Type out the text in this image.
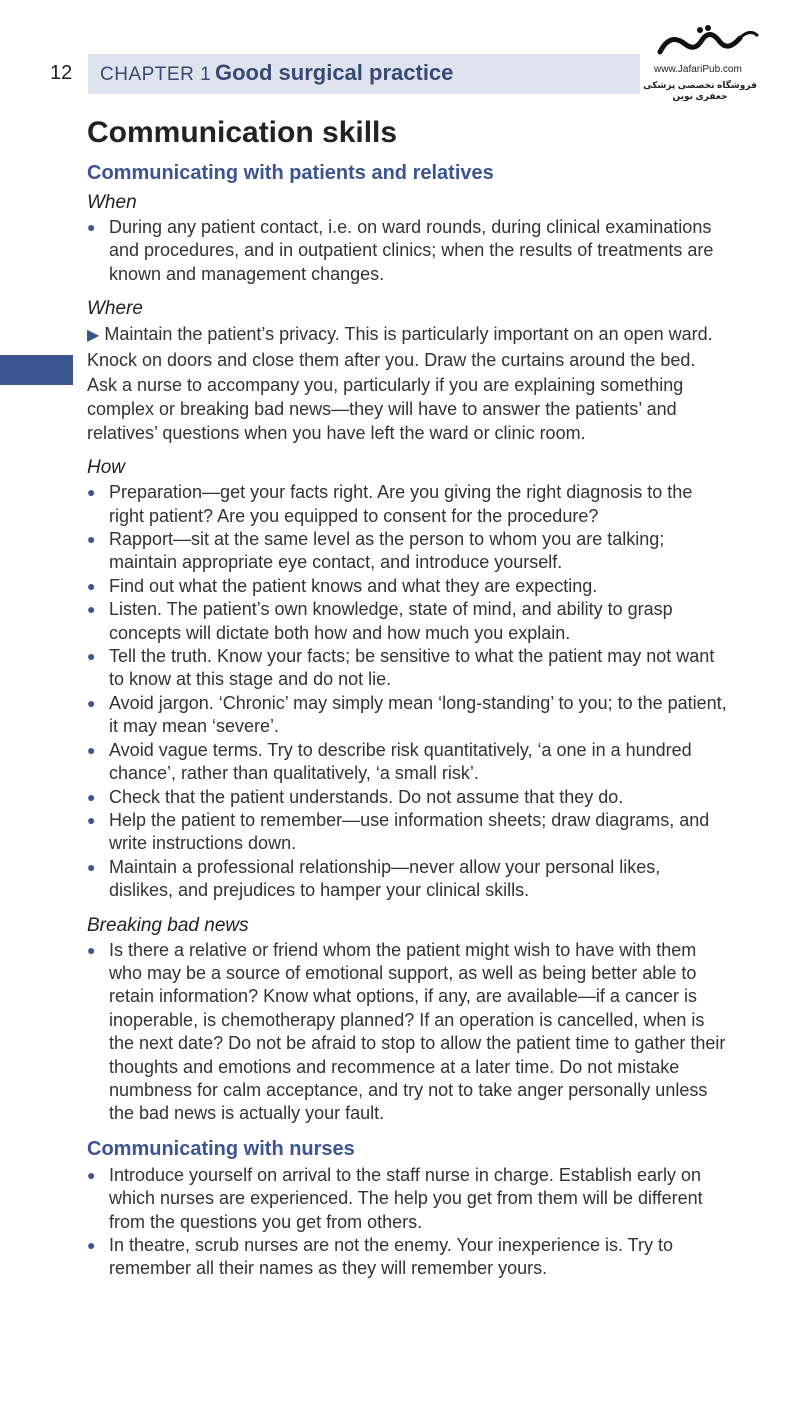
12 CHAPTER 1 Good surgical practice	www.JafariPub.com
فروشگاه تخصصی پزشکی جعفری نوین
Communication skills
Communicating with patients and relatives
When
● During any patient contact, i.e. on ward rounds, during clinical examinations and procedures, and in outpatient clinics; when the results of treatments are known and management changes.
Where

▶ Maintain the patient’s privacy. This is particularly important on an open ward. Knock on doors and close them after you. Draw the curtains around the bed. Ask a nurse to accompany you, particularly if you are explaining something complex or breaking bad news—they will have to answer the patients’ and relatives’ questions when you have left the ward or clinic room.

How
● Preparation—get your facts right. Are you giving the right diagnosis to the right patient? Are you equipped to consent for the procedure?
● Rapport—sit at the same level as the person to whom you are talking; maintain appropriate eye contact, and introduce yourself.
● Find out what the patient knows and what they are expecting.
● Listen. The patient’s own knowledge, state of mind, and ability to grasp concepts will dictate both how and how much you explain.
● Tell the truth. Know your facts; be sensitive to what the patient may not want to know at this stage and do not lie.
● Avoid jargon. ‘Chronic’ may simply mean ‘long-standing’ to you; to the patient, it may mean ‘severe’.
● Avoid vague terms. Try to describe risk quantitatively, ‘a one in a hundred chance’, rather than qualitatively, ‘a small risk’.
● Check that the patient understands. Do not assume that they do.
● Help the patient to remember—use information sheets; draw diagrams, and write instructions down.
● Maintain a professional relationship—never allow your personal likes, dislikes, and prejudices to hamper your clinical skills.
Breaking bad news
● Is there a relative or friend whom the patient might wish to have with them who may be a source of emotional support, as well as being better able to retain information? Know what options, if any, are available—if a cancer is inoperable, is chemotherapy planned? If an operation is cancelled, when is the next date? Do not be afraid to stop to allow the patient time to gather their thoughts and emotions and recommence at a later time. Do not mistake numbness for calm acceptance, and try not to take anger personally unless the bad news is actually your fault.
Communicating with nurses
● Introduce yourself on arrival to the staff nurse in charge. Establish early on which nurses are experienced. The help you get from them will be different from the questions you get from others.
● In theatre, scrub nurses are not the enemy. Your inexperience is. Try to remember all their names as they will remember yours.
